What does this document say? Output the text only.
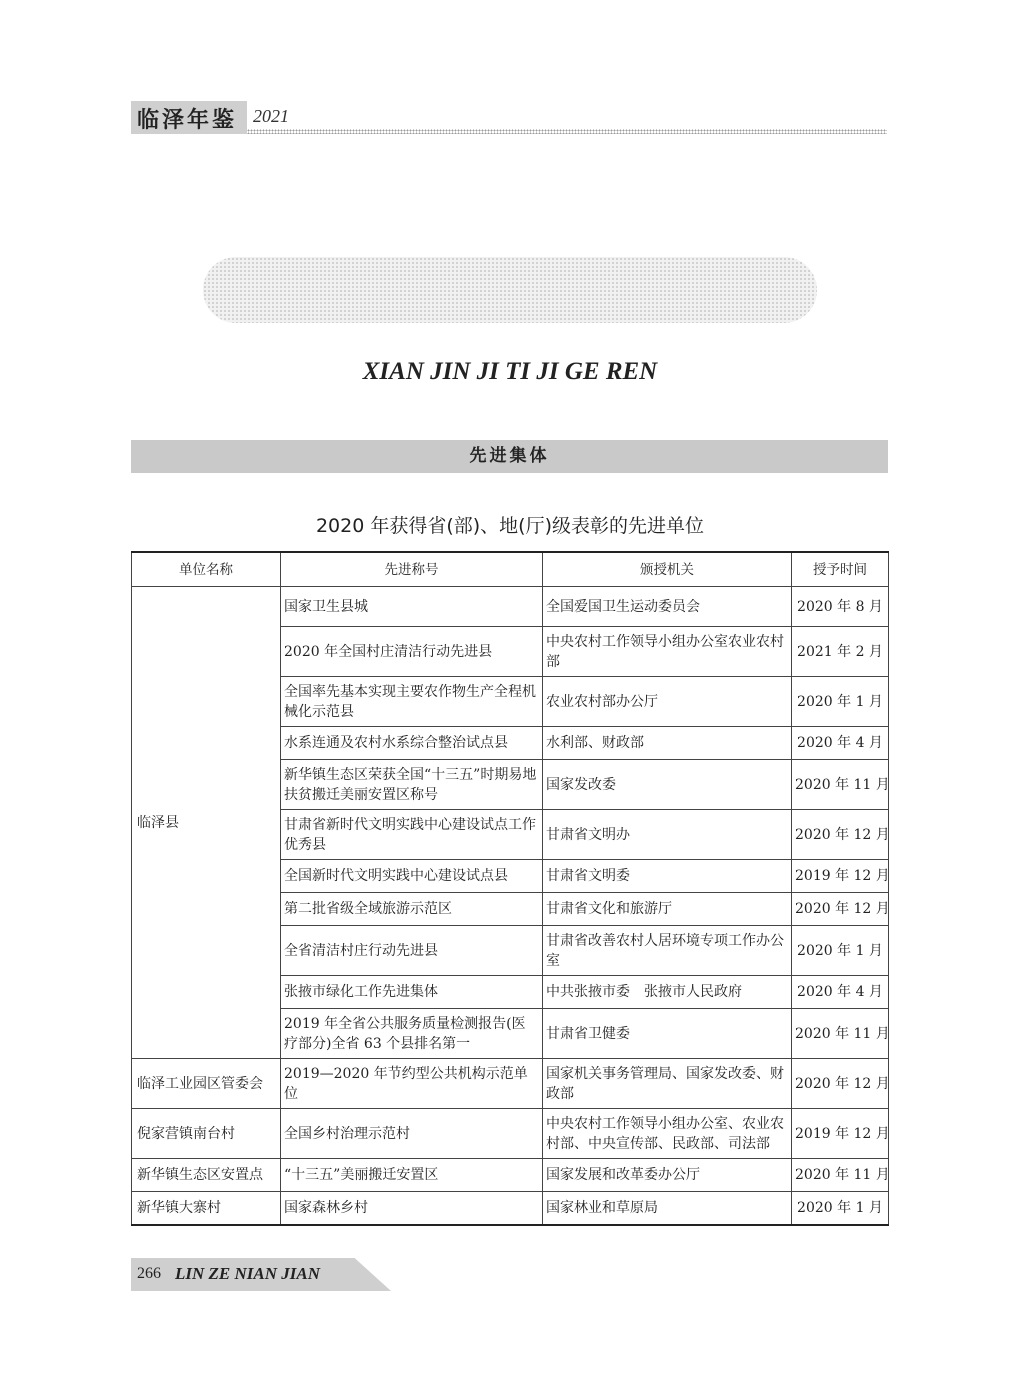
临泽年鉴 2021
XIAN JIN JI TI JI GE REN
先进集体
2020 年获得省(部)、地(厅)级表彰的先进单位
单位名称	先进称号	颁授机关	授予时间
临泽县	国家卫生县城	全国爱国卫生运动委员会	2020 年 8 月
	2020 年全国村庄清洁行动先进县	中央农村工作领导小组办公室农业农村部	2021 年 2 月
	全国率先基本实现主要农作物生产全程机械化示范县	农业农村部办公厅	2020 年 1 月
	水系连通及农村水系综合整治试点县	水利部、财政部	2020 年 4 月
	新华镇生态区荣获全国“十三五”时期易地扶贫搬迁美丽安置区称号	国家发改委	2020 年 11 月
	甘肃省新时代文明实践中心建设试点工作优秀县	甘肃省文明办	2020 年 12 月
	全国新时代文明实践中心建设试点县	甘肃省文明委	2019 年 12 月
	第二批省级全域旅游示范区	甘肃省文化和旅游厅	2020 年 12 月
	全省清洁村庄行动先进县	甘肃省改善农村人居环境专项工作办公室	2020 年 1 月
	张掖市绿化工作先进集体	中共张掖市委　张掖市人民政府	2020 年 4 月
	2019 年全省公共服务质量检测报告(医疗部分)全省 63 个县排名第一	甘肃省卫健委	2020 年 11 月
临泽工业园区管委会	2019—2020 年节约型公共机构示范单位	国家机关事务管理局、国家发改委、财政部	2020 年 12 月
倪家营镇南台村	全国乡村治理示范村	中央农村工作领导小组办公室、农业农村部、中央宣传部、民政部、司法部	2019 年 12 月
新华镇生态区安置点	“十三五”美丽搬迁安置区	国家发展和改革委办公厅	2020 年 11 月
新华镇大寨村	国家森林乡村	国家林业和草原局	2020 年 1 月
266 LIN ZE NIAN JIAN
